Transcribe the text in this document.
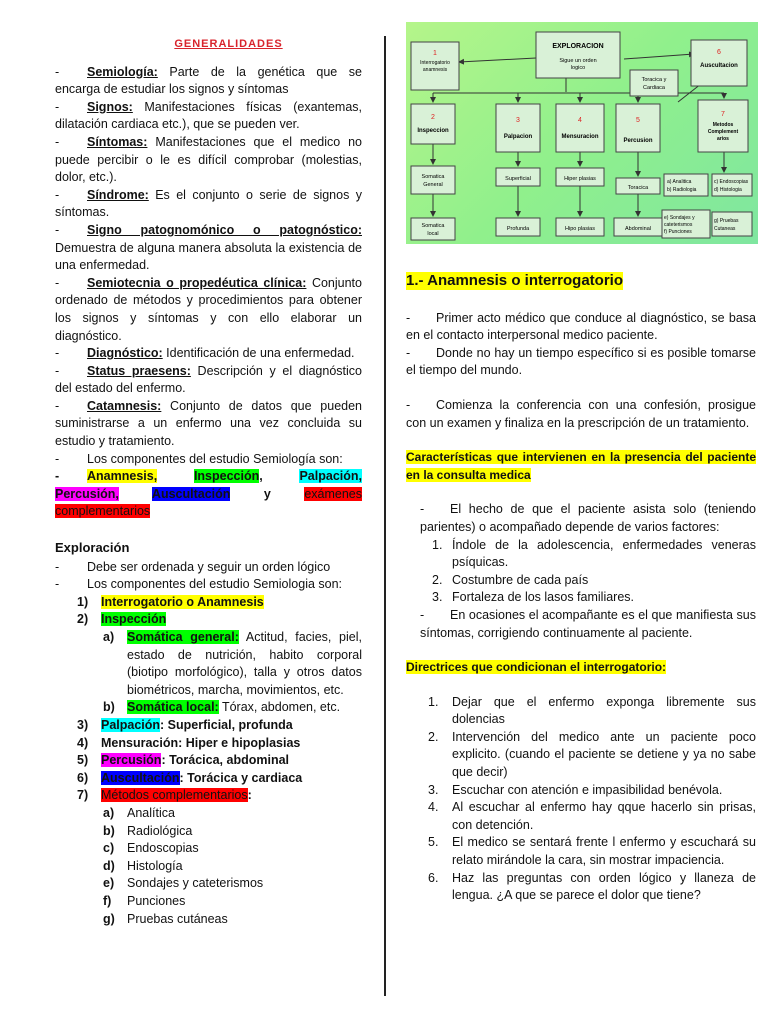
GENERALIDADES

- Semiología: Parte de la genética que se encarga de estudiar los signos y síntomas

- Signos: Manifestaciones físicas (exantemas, dilatación cardiaca etc.), que se pueden ver.

- Síntomas: Manifestaciones que el medico no puede percibir o le es difícil comprobar (molestias, dolor, etc.).

- Síndrome: Es el conjunto o serie de signos y síntomas.

- Signo patognomónico o patognóstico: Demuestra de alguna manera absoluta la existencia de una enfermedad.

- Semiotecnia o propedéutica clínica: Conjunto ordenado de métodos y procedimientos para obtener los signos y síntomas y con ello elaborar un diagnóstico.

- Diagnóstico: Identificación de una enfermedad.

- Status praesens: Descripción y el diagnóstico del estado del enfermo.

- Catamnesis: Conjunto de datos que pueden suministrarse a un enfermo una vez concluida su estudio y tratamiento.

- Los componentes del estudio Semiología son:

- Anamnesis,	Inspección, Palpación, Percusión,	Auscultación y exámenes complementarios

Exploración

- Debe ser ordenada y seguir un orden lógico

- Los componentes del estudio Semiologia son:

1) Interrogatorio o Anamnesis
2) Inspección
a) Somática general: Actitud, facies, piel, estado de nutrición, habito corporal (biotipo morfológico), talla y otros datos biométricos, marcha, movimientos, etc.
b) Somática local: Tórax, abdomen, etc.
3) Palpación: Superficial, profunda
4) Mensuración: Hiper e hipoplasias
5) Percusión: Torácica, abdominal
6) Auscultación: Torácica y cardiaca
7) Métodos complementarios:
a) Analítica
b) Radiológica
c) Endoscopias
d) Histología
e) Sondajes y cateterismos
f) Punciones
g) Pruebas cutáneas
EXPLORACION
Sigue un orden
logico
1
Interrogatorio
anamnesis
6
Auscultacion
Toracica y
Cardiaca
2
Inspeccion
3
Palpacion
4
Mensuracion
5
Percusion
7
Metodos
Complement
arios
Somatica
General
Somatica
local
Superficial
Profunda
Hiper plasias
Hipo plasias
Toracica
Abdominal
a) Analitica
b) Radiologia
c) Endoscopias
d) Histologia
e) Sondajes y
cateterismos
f) Punciones
g) Pruebas
Cutaneas
1.- Anamnesis o interrogatorio

- Primer acto médico que conduce al diagnóstico, se basa en el contacto interpersonal medico paciente.

- Donde no hay un tiempo específico si es posible tomarse el tiempo del mundo.

- Comienza la conferencia con una confesión, prosigue con un examen y finaliza en la prescripción de un tratamiento.

Características que intervienen en la presencia del paciente en la consulta medica

- El hecho de que el paciente asista solo (teniendo parientes) o acompañado depende de varios factores:

1. Índole de la adolescencia, enfermedades veneras psíquicas.
2. Costumbre de cada país
3. Fortaleza de los lasos familiares.

- En ocasiones el acompañante es el que manifiesta sus síntomas, corrigiendo continuamente al paciente.

Directrices que condicionan el interrogatorio:

1. Dejar que el enfermo exponga libremente sus dolencias
2. Intervención del medico ante un paciente poco explicito. (cuando el paciente se detiene y ya no sabe que decir)
3. Escuchar con atención e impasibilidad benévola.
4. Al escuchar al enfermo hay qque hacerlo sin prisas, con detención.
5. El medico se sentará frente l enfermo y escuchará su relato mirándole la cara, sin mostrar impaciencia.
6. Haz las preguntas con orden lógico y llaneza de lengua. ¿A que se parece el dolor que tiene?
